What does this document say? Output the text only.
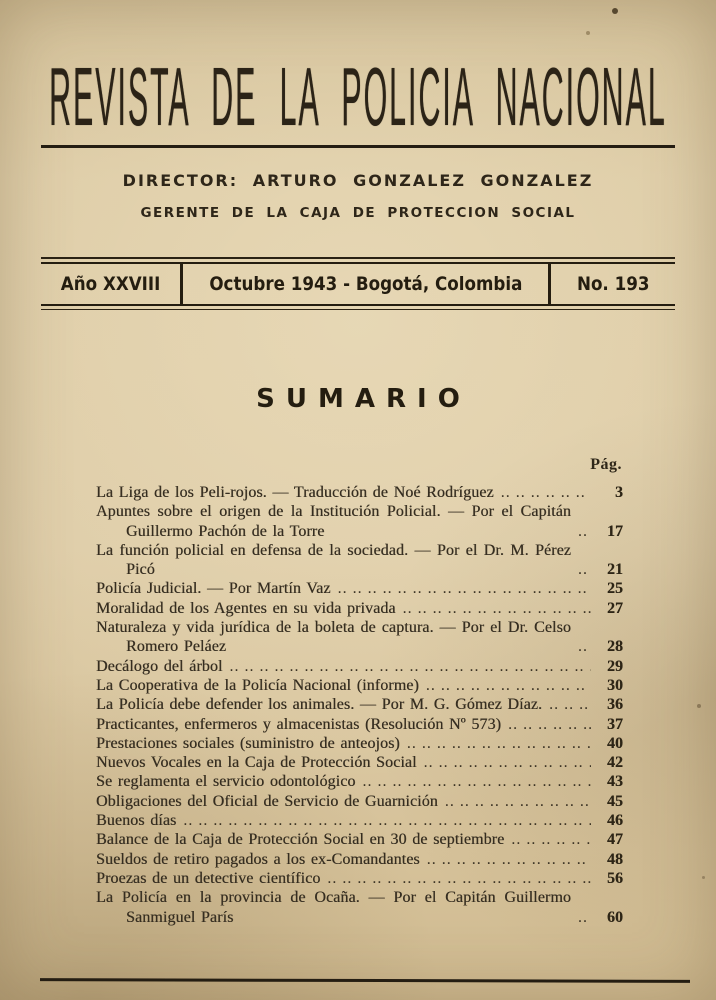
REVISTA DE LA POLICIA NACIONAL
DIRECTOR: ARTURO GONZALEZ GONZALEZ
GERENTE DE LA CAJA DE PROTECCION SOCIAL
Año XXVIII	Octubre 1943 - Bogotá, Colombia	No. 193
SUMARIO
Pág.
La Liga de los Peli-rojos. — Traducción de Noé Rodríguez .. ..	3
Apuntes sobre el origen de la Institución Policial. — Por el Capitán Guillermo Pachón de la Torre .. ..	17
La función policial en defensa de la sociedad. — Por el Dr. M. Pérez Picó .. ..	21
Policía Judicial. — Por Martín Vaz .. ..	25
Moralidad de los Agentes en su vida privada .. ..	27
Naturaleza y vida jurídica de la boleta de captura. — Por el Dr. Celso Romero Peláez .. ..	28
Decálogo del árbol .. ..	29
La Cooperativa de la Policía Nacional (informe) .. ..	30
La Policía debe defender los animales. — Por M. G. Gómez Díaz. .. ..	36
Practicantes, enfermeros y almacenistas (Resolución Nº 573) .. ..	37
Prestaciones sociales (suministro de anteojos) .. ..	40
Nuevos Vocales en la Caja de Protección Social .. ..	42
Se reglamenta el servicio odontológico .. ..	43
Obligaciones del Oficial de Servicio de Guarnición .. ..	45
Buenos días .. ..	46
Balance de la Caja de Protección Social en 30 de septiembre .. ..	47
Sueldos de retiro pagados a los ex-Comandantes .. ..	48
Proezas de un detective científico .. ..	56
La Policía en la provincia de Ocaña. — Por el Capitán Guillermo Sanmiguel París .. ..	60
